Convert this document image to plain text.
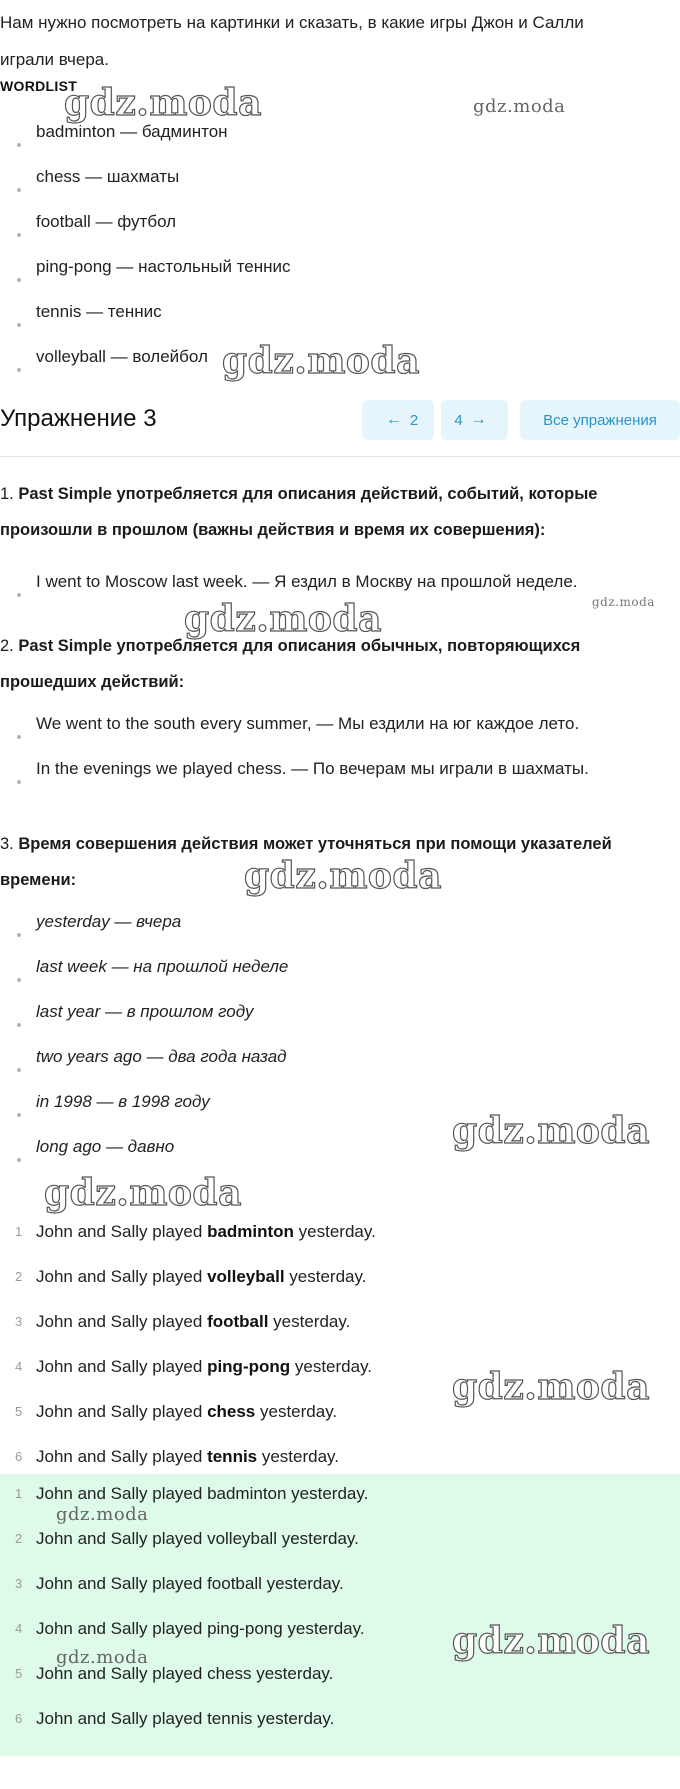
Нам нужно посмотреть на картинки и сказать, в какие игры Джон и Салли играли вчера.
WORDLIST
badminton — бадминтон
chess — шахматы
football — футбол
ping-pong — настольный теннис
tennis — теннис
volleyball — волейбол
Упражнение 3	← 2 4 →	Все упражнения
1. Past Simple употребляется для описания действий, событий, которые произошли в прошлом (важны действия и время их совершения):
I went to Moscow last week. — Я ездил в Москву на прошлой неделе.
2. Past Simple употребляется для описания обычных, повторяющихся прошедших действий:
We went to the south every summer, — Мы ездили на юг каждое лето.
In the evenings we played chess. — По вечерам мы играли в шахматы.
3. Время совершения действия может уточняться при помощи указателей времени:
yesterday — вчера
last week — на прошлой неделе
last year — в прошлом году
two years ago — два года назад
in 1998 — в 1998 году
long ago — давно
1 John and Sally played badminton yesterday.
2 John and Sally played volleyball yesterday.
3 John and Sally played football yesterday.
4 John and Sally played ping-pong yesterday.
5 John and Sally played chess yesterday.
6 John and Sally played tennis yesterday.
1 John and Sally played badminton yesterday.
2 John and Sally played volleyball yesterday.
3 John and Sally played football yesterday.
4 John and Sally played ping-pong yesterday.
5 John and Sally played chess yesterday.
6 John and Sally played tennis yesterday.
gdz.moda	gdz.moda
gdz.moda
gdz.moda
gdz.moda
gdz.moda
gdz.moda
gdz.moda
gdz.moda
gdz.moda
gdz.moda
gdz.moda
